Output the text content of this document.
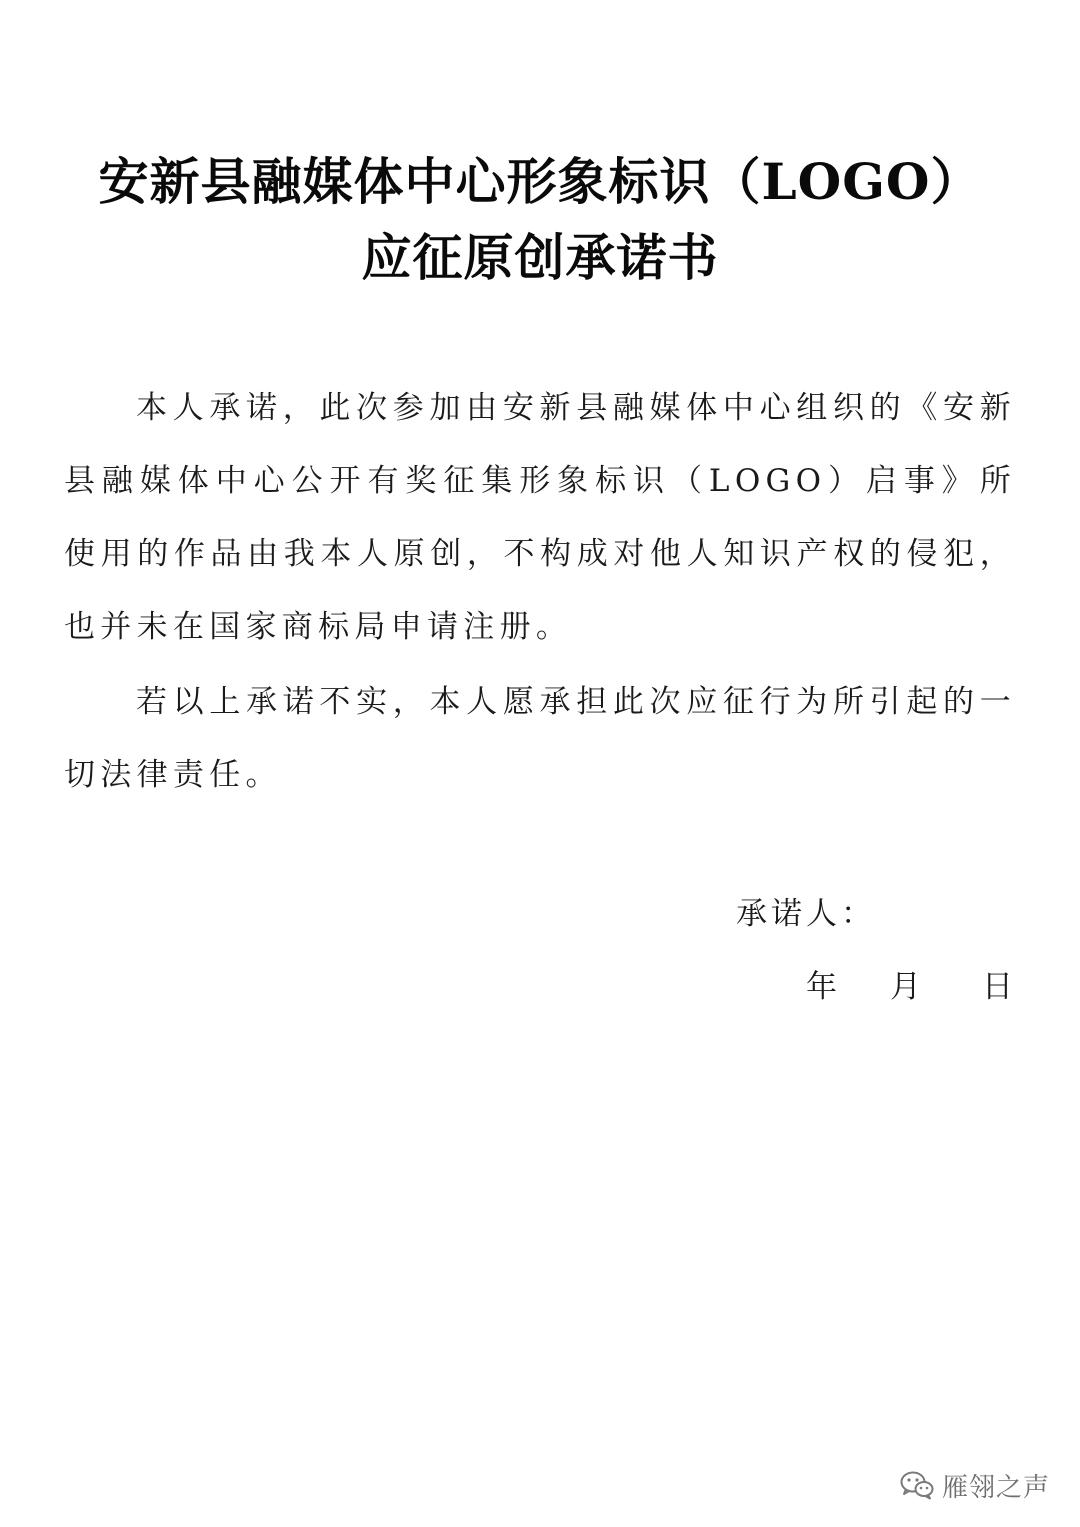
安新县融媒体中心形象标识（LOGO）
应征原创承诺书

本人承诺，此次参加由安新县融媒体中心组织的《安新县融媒体中心公开有奖征集形象标识（LOGO）启事》所使用的作品由我本人原创，不构成对他人知识产权的侵犯，也并未在国家商标局申请注册。

若以上承诺不实，本人愿承担此次应征行为所引起的一切法律责任。

承诺人：
年 月 日
雁翎之声
